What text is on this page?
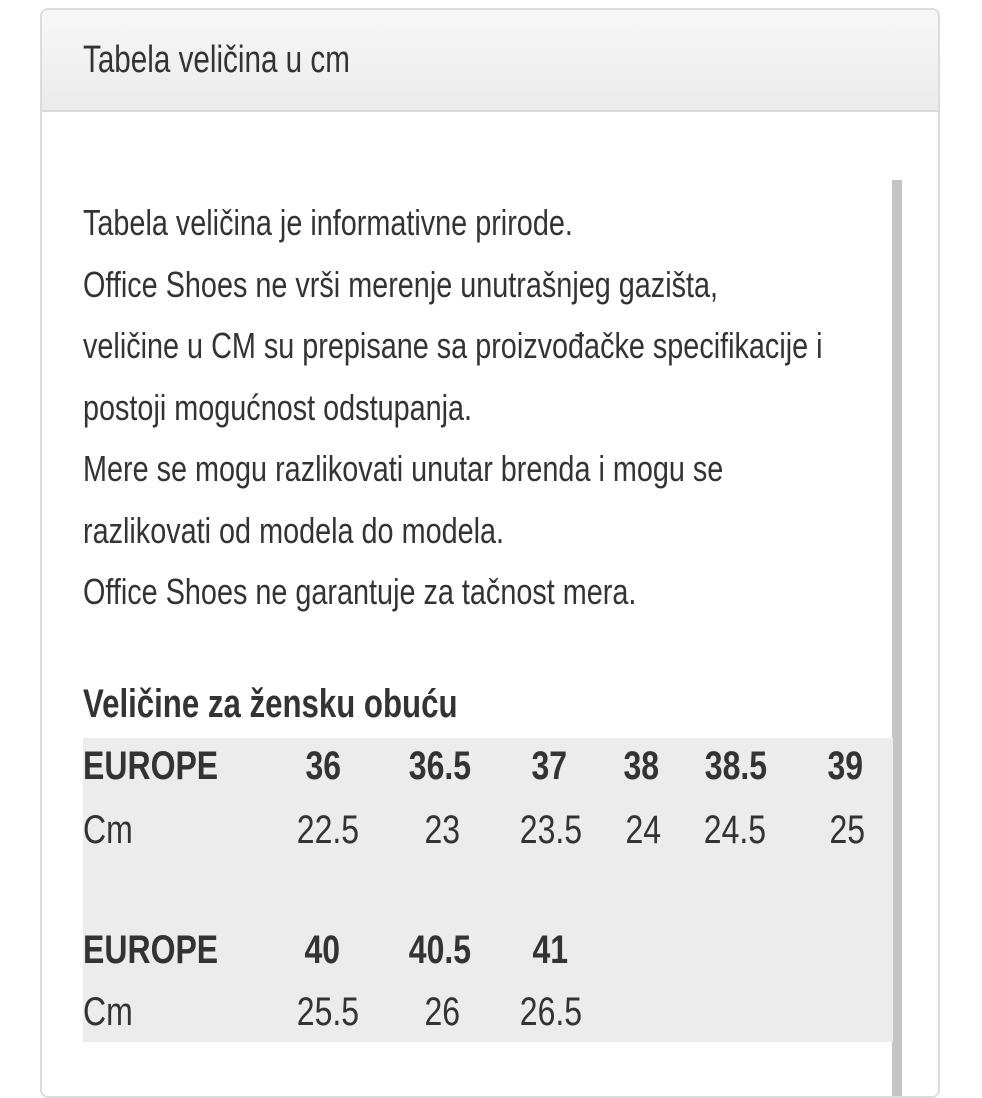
Tabela veličina u cm
Tabela veličina je informativne prirode.
Office Shoes ne vrši merenje unutrašnjeg gazišta,
veličine u CM su prepisane sa proizvođačke specifikacije i
postoji mogućnost odstupanja.
Mere se mogu razlikovati unutar brenda i mogu se
razlikovati od modela do modela.
Office Shoes ne garantuje za tačnost mera.
Veličine za žensku obuću
EUROPE 36 36.5 37 38 38.5 39
Cm	22.5 23 23.5 24 24.5 25
EUROPE 40 40.5 41
Cm	25.5 26 26.5
